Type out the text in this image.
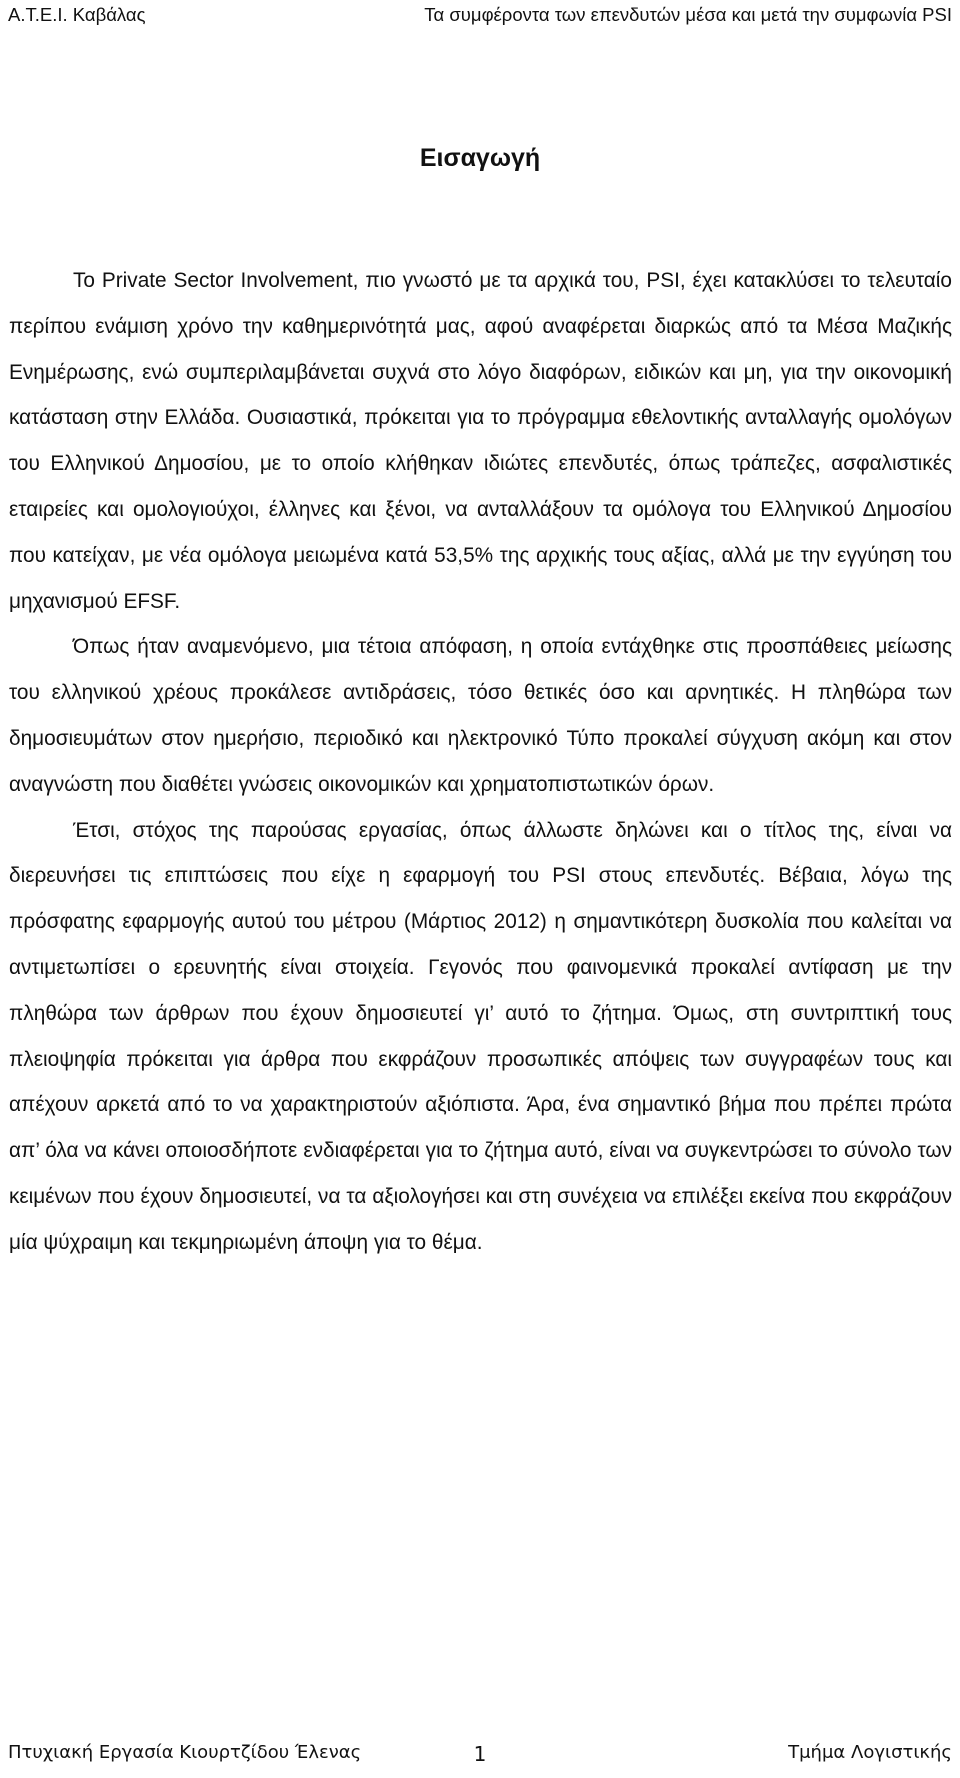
Α.Τ.Ε.Ι. Καβάλας	Τα συμφέροντα των επενδυτών μέσα και μετά την συμφωνία PSI
Εισαγωγή

Το Private Sector Involvement, πιο γνωστό με τα αρχικά του, PSI, έχει κατακλύσει το τελευταίο περίπου ενάμιση χρόνο την καθημερινότητά μας, αφού αναφέρεται διαρκώς από τα Μέσα Μαζικής Ενημέρωσης, ενώ συμπεριλαμβάνεται συχνά στο λόγο διαφόρων, ειδικών και μη, για την οικονομική κατάσταση στην Ελλάδα. Ουσιαστικά, πρόκειται για το πρόγραμμα εθελοντικής ανταλλαγής ομολόγων του Ελληνικού Δημοσίου, με το οποίο κλήθηκαν ιδιώτες επενδυτές, όπως τράπεζες, ασφαλιστικές εταιρείες και ομολογιούχοι, έλληνες και ξένοι, να ανταλλάξουν τα ομόλογα του Ελληνικού Δημοσίου που κατείχαν, με νέα ομόλογα μειωμένα κατά 53,5% της αρχικής τους αξίας, αλλά με την εγγύηση του μηχανισμού EFSF.

Όπως ήταν αναμενόμενο, μια τέτοια απόφαση, η οποία εντάχθηκε στις προσπάθειες μείωσης του ελληνικού χρέους προκάλεσε αντιδράσεις, τόσο θετικές όσο και αρνητικές. Η πληθώρα των δημοσιευμάτων στον ημερήσιο, περιοδικό και ηλεκτρονικό Τύπο προκαλεί σύγχυση ακόμη και στον αναγνώστη που διαθέτει γνώσεις οικονομικών και χρηματοπιστωτικών όρων.

Έτσι, στόχος της παρούσας εργασίας, όπως άλλωστε δηλώνει και ο τίτλος της, είναι να διερευνήσει τις επιπτώσεις που είχε η εφαρμογή του PSI στους επενδυτές. Βέβαια, λόγω της πρόσφατης εφαρμογής αυτού του μέτρου (Μάρτιος 2012) η σημαντικότερη δυσκολία που καλείται να αντιμετωπίσει ο ερευνητής είναι στοιχεία. Γεγονός που φαινομενικά προκαλεί αντίφαση με την πληθώρα των άρθρων που έχουν δημοσιευτεί γι’ αυτό το ζήτημα. Όμως, στη συντριπτική τους πλειοψηφία πρόκειται για άρθρα που εκφράζουν προσωπικές απόψεις των συγγραφέων τους και απέχουν αρκετά από το να χαρακτηριστούν αξιόπιστα. Άρα, ένα σημαντικό βήμα που πρέπει πρώτα απ’ όλα να κάνει οποιοσδήποτε ενδιαφέρεται για το ζήτημα αυτό, είναι να συγκεντρώσει το σύνολο των κειμένων που έχουν δημοσιευτεί, να τα αξιολογήσει και στη συνέχεια να επιλέξει εκείνα που εκφράζουν μία ψύχραιμη και τεκμηριωμένη άποψη για το θέμα.

Πτυχιακή Εργασία Κιουρτζίδου Έλενας	1	Τμήμα Λογιστικής
